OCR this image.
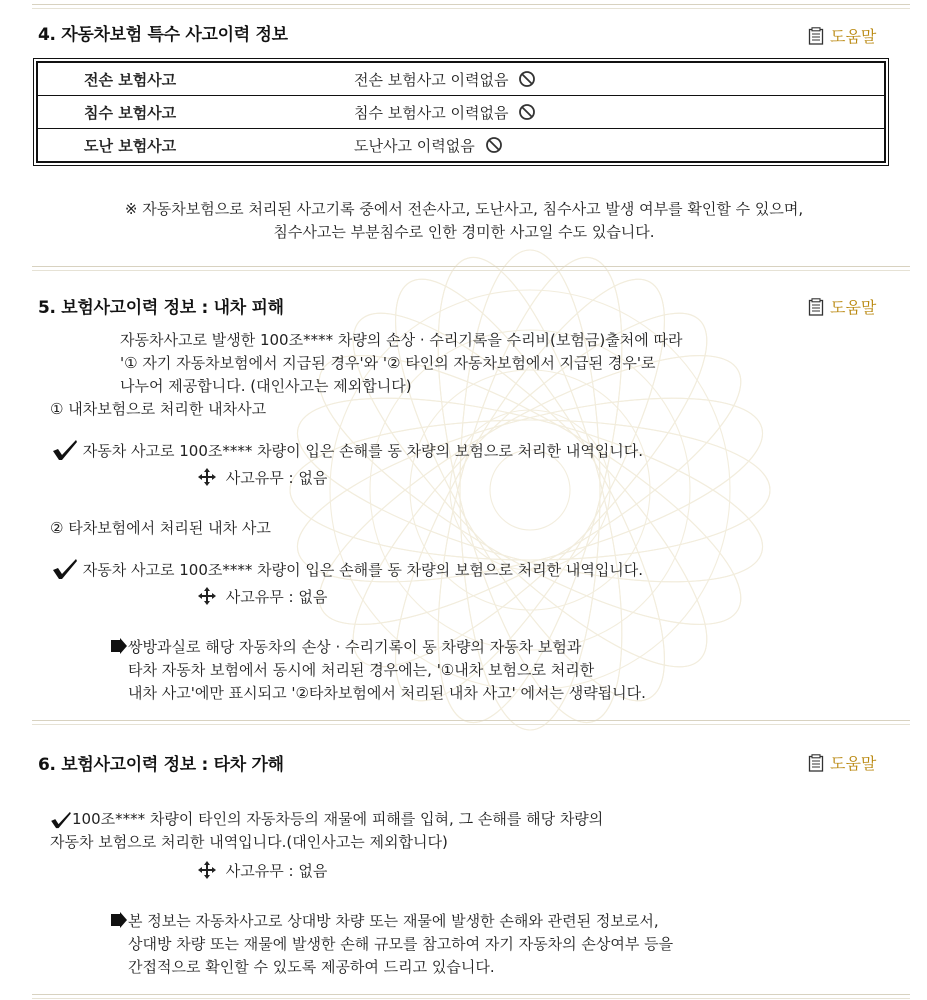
4. 자동차보험 특수 사고이력 정보	도움말
전손 보험사고	전손 보험사고 이력없음
침수 보험사고	침수 보험사고 이력없음
도난 보험사고	도난사고 이력없음
※ 자동차보험으로 처리된 사고기록 중에서 전손사고, 도난사고, 침수사고 발생 여부를 확인할 수 있으며,
침수사고는 부분침수로 인한 경미한 사고일 수도 있습니다.
5. 보험사고이력 정보 : 내차 피해	도움말
자동차사고로 발생한 100조**** 차량의 손상 · 수리기록을 수리비(보험금)출처에 따라
'① 자기 자동차보험에서 지급된 경우'와 '② 타인의 자동차보험에서 지급된 경우'로
나누어 제공합니다. (대인사고는 제외합니다)
① 내차보험으로 처리한 내차사고
자동차 사고로 100조**** 차량이 입은 손해를 동 차량의 보험으로 처리한 내역입니다.
사고유무 : 없음
② 타차보험에서 처리된 내차 사고
자동차 사고로 100조**** 차량이 입은 손해를 동 차량의 보험으로 처리한 내역입니다.
사고유무 : 없음
쌍방과실로 해당 자동차의 손상 · 수리기록이 동 차량의 자동차 보험과
타차 자동차 보험에서 동시에 처리된 경우에는, '①내차 보험으로 처리한
내차 사고'에만 표시되고 '②타차보험에서 처리된 내차 사고' 에서는 생략됩니다.
6. 보험사고이력 정보 : 타차 가해	도움말
100조**** 차량이 타인의 자동차등의 재물에 피해를 입혀, 그 손해를 해당 차량의
자동차 보험으로 처리한 내역입니다.(대인사고는 제외합니다)
사고유무 : 없음
본 정보는 자동차사고로 상대방 차량 또는 재물에 발생한 손해와 관련된 정보로서,
상대방 차량 또는 재물에 발생한 손해 규모를 참고하여 자기 자동차의 손상여부 등을
간접적으로 확인할 수 있도록 제공하여 드리고 있습니다.
